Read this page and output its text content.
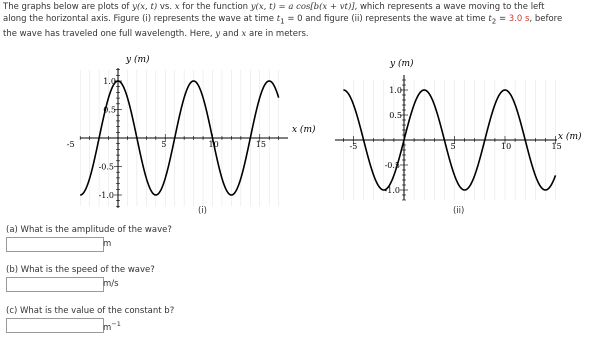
The graphs below are plots of y(x, t) vs. x for the function y(x, t) = a cos[b(x + vt)], which represents a wave moving to the left
along the horizontal axis. Figure (i) represents the wave at time $t_1 = 0$ and figure (ii) represents the wave at time $t_2 = 3.0$ s, before
the wave has traveled one full wavelength. Here, y and x are in meters.
y (m)
x (m)
-5	5	10	15
1.0
0.5
-0.5
-1.0
y (m)
x (m)
-5	5	10	15
1.0
0.5
-0.5
-1.0
(i)	(ii)
(a) What is the amplitude of the wave?
m
(b) What is the speed of the wave?
m/s
(c) What is the value of the constant b?
$m^{-1}$
